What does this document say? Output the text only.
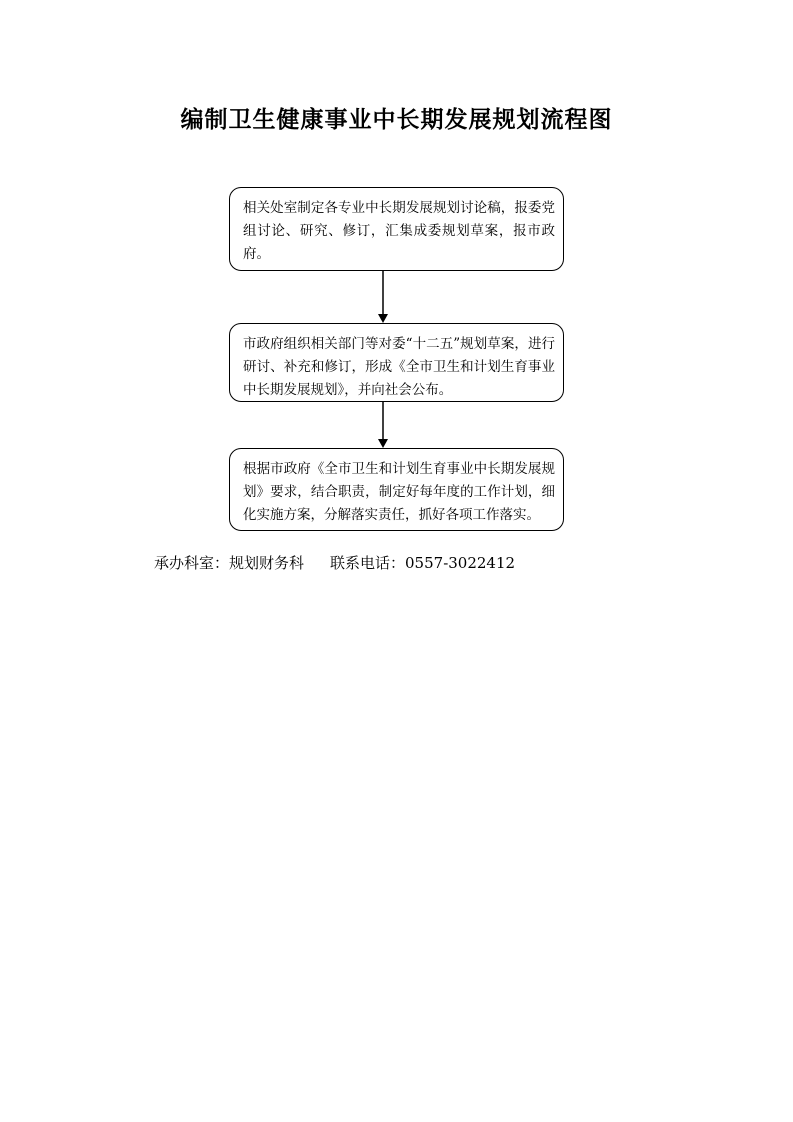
编制卫生健康事业中长期发展规划流程图
相关处室制定各专业中长期发展规划讨论稿，报委党组讨论、研究、修订，汇集成委规划草案，报市政府。
市政府组织相关部门等对委“十二五”规划草案，进行研讨、补充和修订，形成《全市卫生和计划生育事业中长期发展规划》，并向社会公布。
根据市政府《全市卫生和计划生育事业中长期发展规划》要求，结合职责，制定好每年度的工作计划，细化实施方案，分解落实责任，抓好各项工作落实。
承办科室：规划财务科 联系电话：0557-3022412
